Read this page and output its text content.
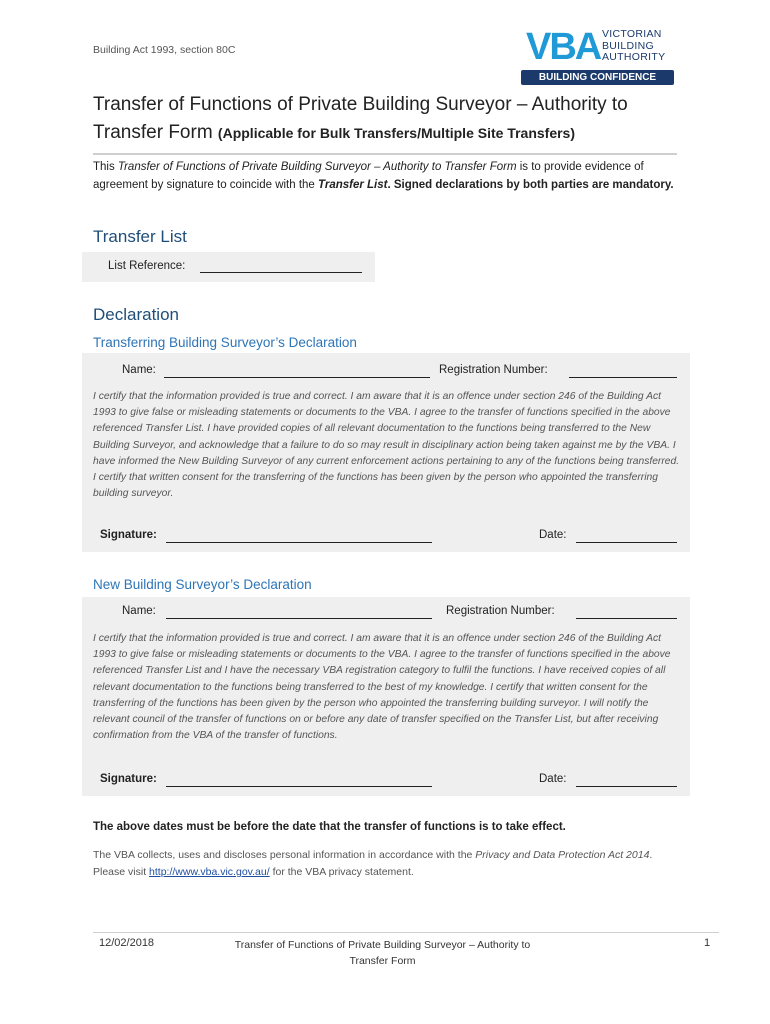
Building Act 1993, section 80C	VBA VICTORIAN
BUILDING
AUTHORITY
BUILDING CONFIDENCE
Transfer of Functions of Private Building Surveyor – Authority to Transfer Form (Applicable for Bulk Transfers/Multiple Site Transfers)
This Transfer of Functions of Private Building Surveyor – Authority to Transfer Form is to provide evidence of agreement by signature to coincide with the Transfer List. Signed declarations by both parties are mandatory.
Transfer List
List Reference:
Declaration
Transferring Building Surveyor’s Declaration
Name:	Registration Number:
I certify that the information provided is true and correct. I am aware that it is an offence under section 246 of the Building Act 1993 to give false or misleading statements or documents to the VBA. I agree to the transfer of functions specified in the above referenced Transfer List. I have provided copies of all relevant documentation to the functions being transferred to the New Building Surveyor, and acknowledge that a failure to do so may result in disciplinary action being taken against me by the VBA. I have informed the New Building Surveyor of any current enforcement actions pertaining to any of the functions being transferred. I certify that written consent for the transferring of the functions has been given by the person who appointed the transferring building surveyor.
Signature:	Date:
New Building Surveyor’s Declaration
Name:	Registration Number:
I certify that the information provided is true and correct. I am aware that it is an offence under section 246 of the Building Act 1993 to give false or misleading statements or documents to the VBA. I agree to the transfer of functions specified in the above referenced Transfer List and I have the necessary VBA registration category to fulfil the functions. I have received copies of all relevant documentation to the functions being transferred to the best of my knowledge. I certify that written consent for the transferring of the functions has been given by the person who appointed the transferring building surveyor. I will notify the relevant council of the transfer of functions on or before any date of transfer specified on the Transfer List, but after receiving confirmation from the VBA of the transfer of functions.
Signature:	Date:
The above dates must be before the date that the transfer of functions is to take effect.
The VBA collects, uses and discloses personal information in accordance with the Privacy and Data Protection Act 2014. Please visit http://www.vba.vic.gov.au/ for the VBA privacy statement.
12/02/2018	Transfer of Functions of Private Building Surveyor – Authority to Transfer Form
1
